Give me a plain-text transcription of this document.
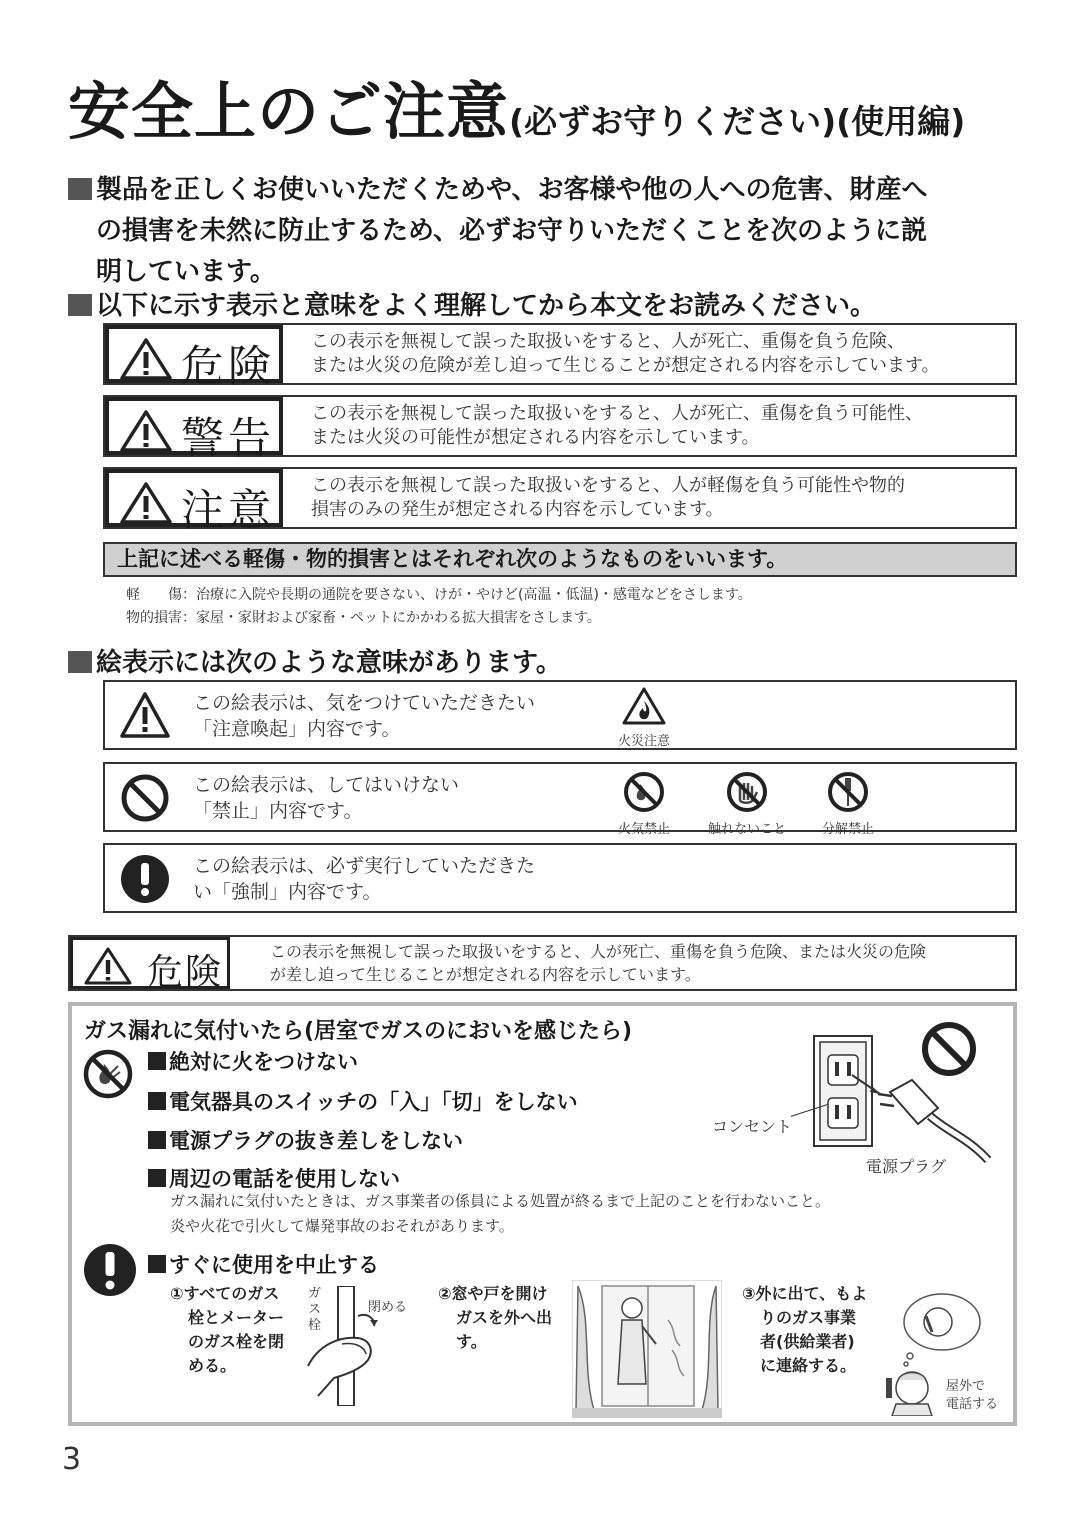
安全上のご注意(必ずお守りください)(使用編)
製品を正しくお使いいただくためや、お客様や他の人への危害、財産へ
の損害を未然に防止するため、必ずお守りいただくことを次のように説
明しています。
以下に示す表示と意味をよく理解してから本文をお読みください。
危険
この表示を無視して誤った取扱いをすると、人が死亡、重傷を負う危険、
または火災の危険が差し迫って生じることが想定される内容を示しています。
警告
この表示を無視して誤った取扱いをすると、人が死亡、重傷を負う可能性、
または火災の可能性が想定される内容を示しています。
注意
この表示を無視して誤った取扱いをすると、人が軽傷を負う可能性や物的
損害のみの発生が想定される内容を示しています。
上記に述べる軽傷・物的損害とはそれぞれ次のようなものをいいます。
軽　　傷：治療に入院や長期の通院を要さない、けが・やけど(高温・低温)・感電などをさします。
物的損害：家屋・家財および家畜・ペットにかかわる拡大損害をさします。
絵表示には次のような意味があります。
この絵表示は、気をつけていただきたい
「注意喚起」内容です。
火災注意
この絵表示は、してはいけない
「禁止」内容です。
火気禁止	触れないこと	分解禁止
この絵表示は、必ず実行していただきた
い「強制」内容です。
危険
この表示を無視して誤った取扱いをすると、人が死亡、重傷を負う危険、または火災の危険
が差し迫って生じることが想定される内容を示しています。
ガス漏れに気付いたら(居室でガスのにおいを感じたら)
絶対に火をつけない
電気器具のスイッチの「入」「切」をしない
電源プラグの抜き差しをしない
周辺の電話を使用しない
ガス漏れに気付いたときは、ガス事業者の係員による処置が終るまで上記のことを行わないこと。
炎や火花で引火して爆発事故のおそれがあります。
コンセント
電源プラグ
すぐに使用を中止する
①すべてのガス
栓とメーター
のガス栓を閉
める。
ガス栓
閉める
②窓や戸を開け
ガスを外へ出
す。
③外に出て、もよ
りのガス事業
者(供給業者)
に連絡する。
屋外で
電話する
3
